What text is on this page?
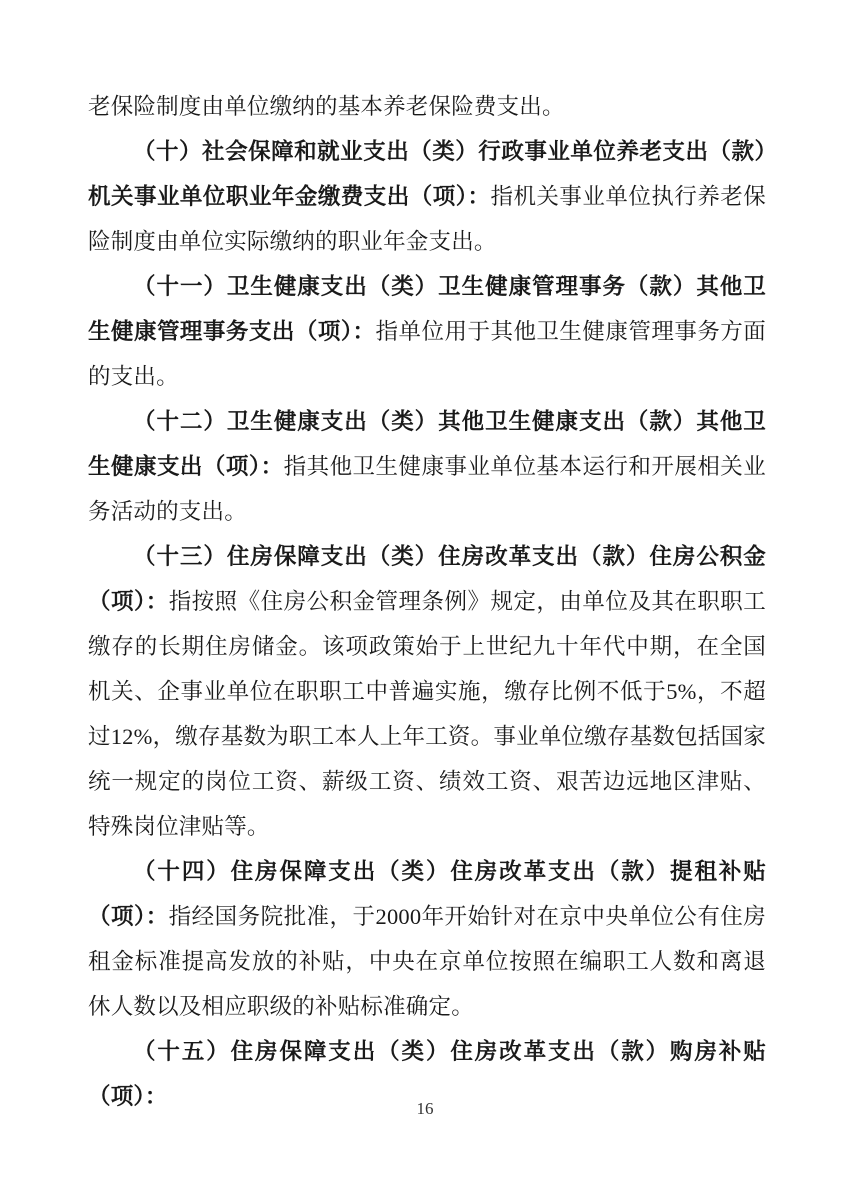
老保险制度由单位缴纳的基本养老保险费支出。

（十）社会保障和就业支出（类）行政事业单位养老支出（款）机关事业单位职业年金缴费支出（项）：指机关事业单位执行养老保险制度由单位实际缴纳的职业年金支出。

（十一）卫生健康支出（类）卫生健康管理事务（款）其他卫生健康管理事务支出（项）：指单位用于其他卫生健康管理事务方面的支出。

（十二）卫生健康支出（类）其他卫生健康支出（款）其他卫生健康支出（项）：指其他卫生健康事业单位基本运行和开展相关业务活动的支出。

（十三）住房保障支出（类）住房改革支出（款）住房公积金（项）：指按照《住房公积金管理条例》规定，由单位及其在职职工缴存的长期住房储金。该项政策始于上世纪九十年代中期，在全国机关、企事业单位在职职工中普遍实施，缴存比例不低于5%，不超过12%，缴存基数为职工本人上年工资。事业单位缴存基数包括国家统一规定的岗位工资、薪级工资、绩效工资、艰苦边远地区津贴、特殊岗位津贴等。

（十四）住房保障支出（类）住房改革支出（款）提租补贴（项）：指经国务院批准，于2000年开始针对在京中央单位公有住房租金标准提高发放的补贴，中央在京单位按照在编职工人数和离退休人数以及相应职级的补贴标准确定。

（十五）住房保障支出（类）住房改革支出（款）购房补贴（项）：	16
